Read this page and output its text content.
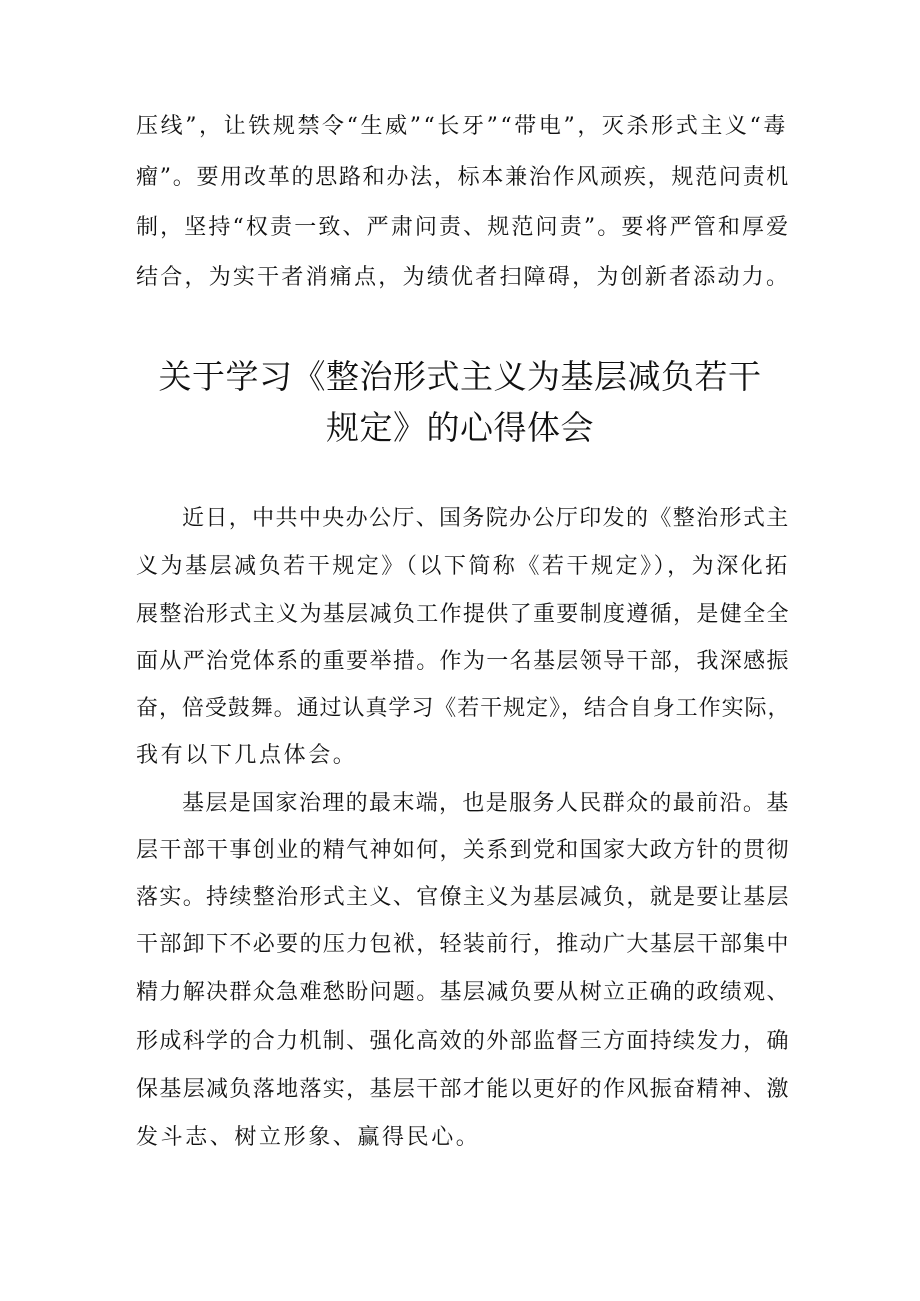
压线”，让铁规禁令“生威”“长牙”“带电”，灭杀形式主义“毒
瘤”。要用改革的思路和办法，标本兼治作风顽疾，规范问责机
制，坚持“权责一致、严肃问责、规范问责”。要将严管和厚爱
结合，为实干者消痛点，为绩优者扫障碍，为创新者添动力。
关于学习《整治形式主义为基层减负若干
规定》的心得体会
近日，中共中央办公厅、国务院办公厅印发的《整治形式主
义为基层减负若干规定》（以下简称《若干规定》），为深化拓
展整治形式主义为基层减负工作提供了重要制度遵循，是健全全
面从严治党体系的重要举措。作为一名基层领导干部，我深感振
奋，倍受鼓舞。通过认真学习《若干规定》，结合自身工作实际，
我有以下几点体会。
基层是国家治理的最末端，也是服务人民群众的最前沿。基
层干部干事创业的精气神如何，关系到党和国家大政方针的贯彻
落实。持续整治形式主义、官僚主义为基层减负，就是要让基层
干部卸下不必要的压力包袱，轻装前行，推动广大基层干部集中
精力解决群众急难愁盼问题。基层减负要从树立正确的政绩观、
形成科学的合力机制、强化高效的外部监督三方面持续发力，确
保基层减负落地落实，基层干部才能以更好的作风振奋精神、激
发斗志、树立形象、赢得民心。
